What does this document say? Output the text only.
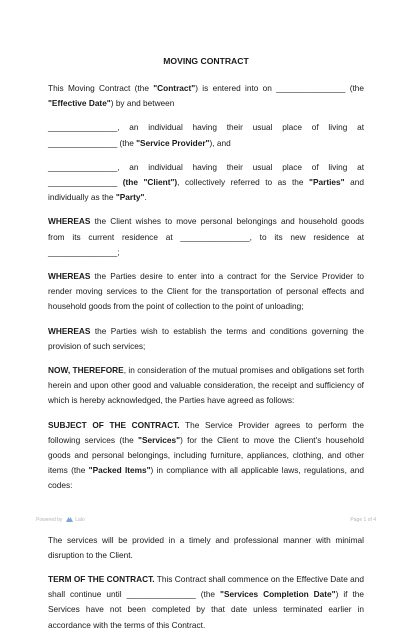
MOVING CONTRACT

This Moving Contract (the "Contract") is entered into on _______________ (the "Effective Date") by and between

_______________, an individual having their usual place of living at _______________ (the "Service Provider"), and

_______________, an individual having their usual place of living at _______________ (the "Client"), collectively referred to as the "Parties" and individually as the "Party".

WHEREAS the Client wishes to move personal belongings and household goods from its current residence at _______________, to its new residence at _______________;

WHEREAS the Parties desire to enter into a contract for the Service Provider to render moving services to the Client for the transportation of personal effects and household goods from the point of collection to the point of unloading;

WHEREAS the Parties wish to establish the terms and conditions governing the provision of such services;

NOW, THEREFORE, in consideration of the mutual promises and obligations set forth herein and upon other good and valuable consideration, the receipt and sufficiency of which is hereby acknowledged, the Parties have agreed as follows:

SUBJECT OF THE CONTRACT. The Service Provider agrees to perform the following services (the "Services") for the Client to move the Client's household goods and personal belongings, including furniture, appliances, clothing, and other items (the "Packed Items") in compliance with all applicable laws, regulations, and codes:

The services will be provided in a timely and professional manner with minimal disruption to the Client.

TERM OF THE CONTRACT. This Contract shall commence on the Effective Date and shall continue until _______________ (the "Services Completion Date") if the Services have not been completed by that date unless terminated earlier in accordance with the terms of this Contract.

Powered by	Lalo	Page 1 of 4
